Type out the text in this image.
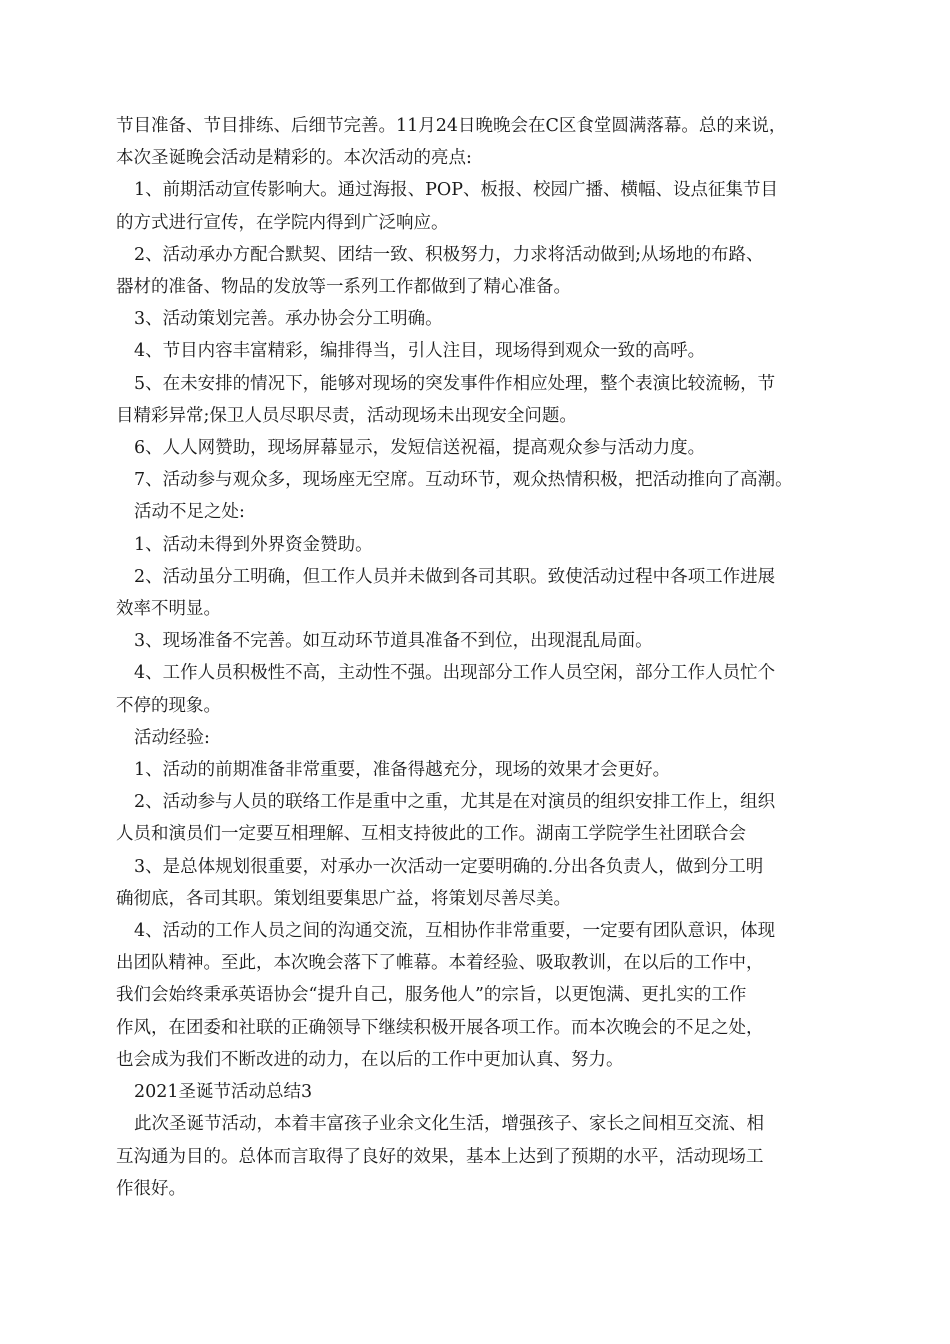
节目准备、节目排练、后细节完善。11月24日晚晚会在C区食堂圆满落幕。总的来说，

本次圣诞晚会活动是精彩的。本次活动的亮点:

1、前期活动宣传影响大。通过海报、POP、板报、校园广播、横幅、设点征集节目

的方式进行宣传，在学院内得到广泛响应。

2、活动承办方配合默契、团结一致、积极努力，力求将活动做到;从场地的布路、

器材的准备、物品的发放等一系列工作都做到了精心准备。

3、活动策划完善。承办协会分工明确。

4、节目内容丰富精彩，编排得当，引人注目，现场得到观众一致的高呼。

5、在未安排的情况下，能够对现场的突发事件作相应处理，整个表演比较流畅，节

目精彩异常;保卫人员尽职尽责，活动现场未出现安全问题。

6、人人网赞助，现场屏幕显示，发短信送祝福，提高观众参与活动力度。

7、活动参与观众多，现场座无空席。互动环节，观众热情积极，把活动推向了高潮。

活动不足之处:

1、活动未得到外界资金赞助。

2、活动虽分工明确，但工作人员并未做到各司其职。致使活动过程中各项工作进展

效率不明显。

3、现场准备不完善。如互动环节道具准备不到位，出现混乱局面。

4、工作人员积极性不高，主动性不强。出现部分工作人员空闲，部分工作人员忙个

不停的现象。

活动经验:

1、活动的前期准备非常重要，准备得越充分，现场的效果才会更好。

2、活动参与人员的联络工作是重中之重，尤其是在对演员的组织安排工作上，组织

人员和演员们一定要互相理解、互相支持彼此的工作。湖南工学院学生社团联合会

3、是总体规划很重要，对承办一次活动一定要明确的.分出各负责人，做到分工明

确彻底，各司其职。策划组要集思广益，将策划尽善尽美。

4、活动的工作人员之间的沟通交流，互相协作非常重要，一定要有团队意识，体现

出团队精神。至此，本次晚会落下了帷幕。本着经验、吸取教训，在以后的工作中，

我们会始终秉承英语协会“提升自己，服务他人”的宗旨，以更饱满、更扎实的工作

作风，在团委和社联的正确领导下继续积极开展各项工作。而本次晚会的不足之处，

也会成为我们不断改进的动力，在以后的工作中更加认真、努力。

2021圣诞节活动总结3

此次圣诞节活动，本着丰富孩子业余文化生活，增强孩子、家长之间相互交流、相

互沟通为目的。总体而言取得了良好的效果，基本上达到了预期的水平，活动现场工

作很好。
